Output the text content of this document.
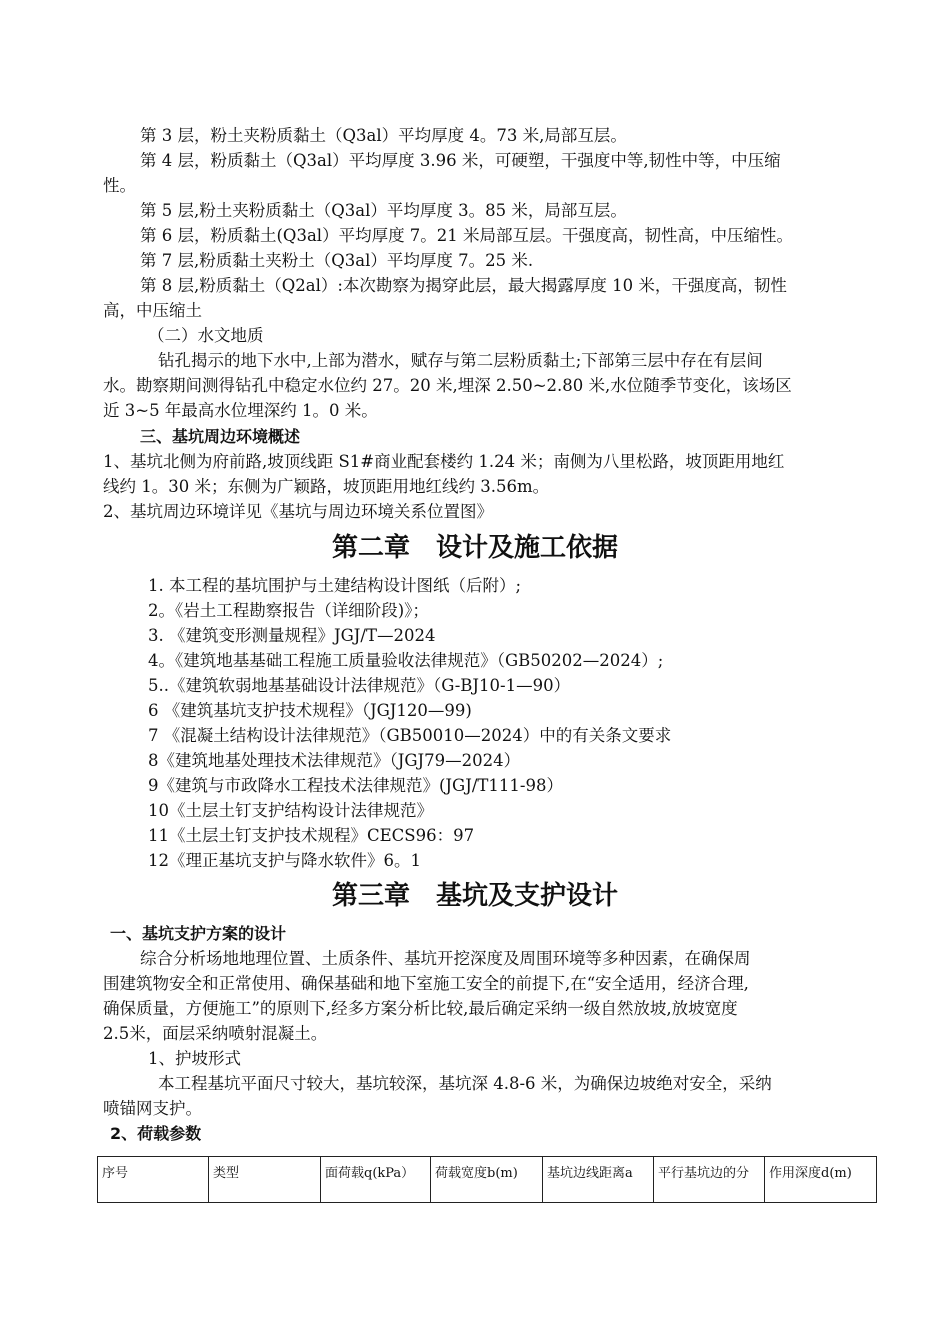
第 3 层，粉土夹粉质黏土（Q3al）平均厚度 4。73 米,局部互层。
第 4 层，粉质黏土（Q3al）平均厚度 3.96 米，可硬塑，干强度中等,韧性中等，中压缩
性。
第 5 层,粉土夹粉质黏土（Q3al）平均厚度 3。85 米，局部互层。
第 6 层，粉质黏土(Q3al）平均厚度 7。21 米局部互层。干强度高，韧性高，中压缩性。
第 7 层,粉质黏土夹粉土（Q3al）平均厚度 7。25 米.
第 8 层,粉质黏土（Q2al）:本次勘察为揭穿此层，最大揭露厚度 10 米，干强度高，韧性
高，中压缩土
（二）水文地质
钻孔揭示的地下水中,上部为潜水，赋存与第二层粉质黏土;下部第三层中存在有层间
水。勘察期间测得钻孔中稳定水位约 27。20 米,埋深 2.50~2.80 米,水位随季节变化，该场区
近 3~5 年最高水位埋深约 1。0 米。
三、基坑周边环境概述
1、基坑北侧为府前路,坡顶线距 S1#商业配套楼约 1.24 米；南侧为八里松路，坡顶距用地红
线约 1。30 米；东侧为广颖路，坡顶距用地红线约 3.56m。
2、基坑周边环境详见《基坑与周边环境关系位置图》
第二章　设计及施工依据
1. 本工程的基坑围护与土建结构设计图纸（后附）;
2。《岩土工程勘察报告（详细阶段)》；
3. 《建筑变形测量规程》JGJ/T—2024
4。《建筑地基基础工程施工质量验收法律规范》（GB50202—2024）;
5..《建筑软弱地基基础设计法律规范》（G-BJ10-1—90）
6 《建筑基坑支护技术规程》（JGJ120—99)
7 《混凝土结构设计法律规范》（GB50010—2024）中的有关条文要求
8《建筑地基处理技术法律规范》（JGJ79—2024）
9《建筑与市政降水工程技术法律规范》(JGJ/T111-98）
10《土层土钉支护结构设计法律规范》
11《土层土钉支护技术规程》CECS96：97
12《理正基坑支护与降水软件》6。1
第三章　基坑及支护设计
一、基坑支护方案的设计
综合分析场地地理位置、土质条件、基坑开挖深度及周围环境等多种因素，在确保周
围建筑物安全和正常使用、确保基础和地下室施工安全的前提下,在“安全适用，经济合理,
确保质量，方便施工”的原则下,经多方案分析比较,最后确定采纳一级自然放坡,放坡宽度
2.5米，面层采纳喷射混凝土。
1、护坡形式
本工程基坑平面尺寸较大，基坑较深，基坑深 4.8-6 米，为确保边坡绝对安全，采纳
喷锚网支护。
2、荷载参数
序号	类型	面荷载q(kPa）	荷载宽度b(m)	基坑边线距离a	平行基坑边的分	作用深度d(m)
